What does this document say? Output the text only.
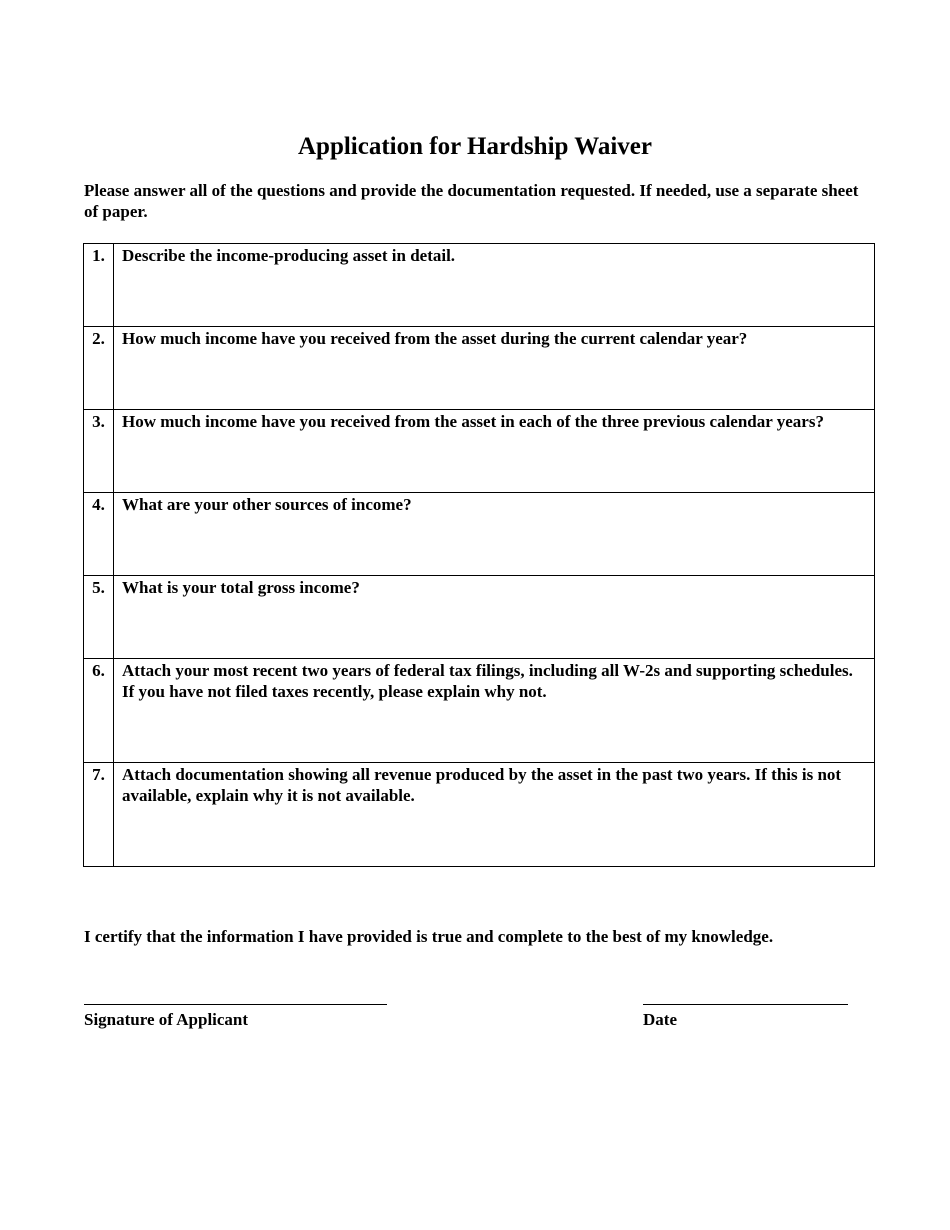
Application for Hardship Waiver
Please answer all of the questions and provide the documentation requested. If needed, use a separate sheet of paper.
1.	Describe the income-producing asset in detail.
2.	How much income have you received from the asset during the current calendar year?
3.	How much income have you received from the asset in each of the three previous calendar years?
4.	What are your other sources of income?
5.	What is your total gross income?
6.	Attach your most recent two years of federal tax filings, including all W-2s and supporting schedules. If you have not filed taxes recently, please explain why not.
7.	Attach documentation showing all revenue produced by the asset in the past two years. If this is not available, explain why it is not available.
I certify that the information I have provided is true and complete to the best of my knowledge.
Signature of Applicant	Date
